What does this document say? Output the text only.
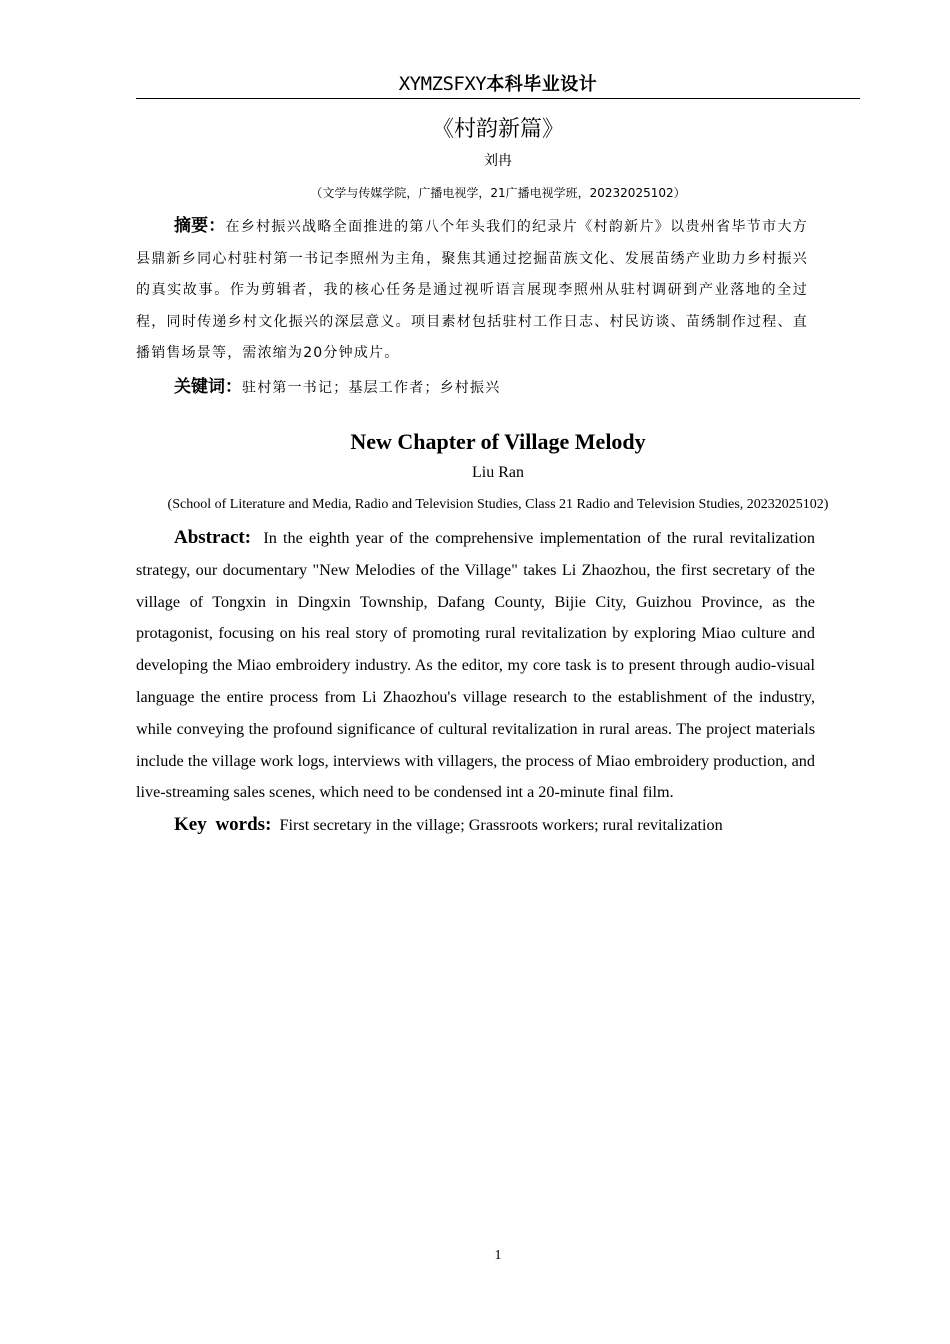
XYMZSFXY本科毕业设计
《村韵新篇》
刘冉
（文学与传媒学院，广播电视学，21广播电视学班，20232025102）

摘要：在乡村振兴战略全面推进的第八个年头我们的纪录片《村韵新片》以贵州省毕节市大方县鼎新乡同心村驻村第一书记李照州为主角，聚焦其通过挖掘苗族文化、发展苗绣产业助力乡村振兴的真实故事。作为剪辑者，我的核心任务是通过视听语言展现李照州从驻村调研到产业落地的全过程，同时传递乡村文化振兴的深层意义。项目素材包括驻村工作日志、村民访谈、苗绣制作过程、直播销售场景等，需浓缩为20分钟成片。

关键词：驻村第一书记；基层工作者；乡村振兴

New Chapter of Village Melody
Liu Ran
(School of Literature and Media, Radio and Television Studies, Class 21 Radio and Television Studies, 20232025102)

Abstract: In the eighth year of the comprehensive implementation of the rural revitalization strategy, our documentary "New Melodies of the Village" takes Li Zhaozhou, the first secretary of the village of Tongxin in Dingxin Township, Dafang County, Bijie City, Guizhou Province, as the protagonist, focusing on his real story of promoting rural revitalization by exploring Miao culture and developing the Miao embroidery industry. As the editor, my core task is to present through audio-visual language the entire process from Li Zhaozhou's village research to the establishment of the industry, while conveying the profound significance of cultural revitalization in rural areas. The project materials include the village work logs, interviews with villagers, the process of Miao embroidery production, and live-streaming sales scenes, which need to be condensed int a 20-minute final film.

Key words: First secretary in the village; Grassroots workers; rural revitalization

1
